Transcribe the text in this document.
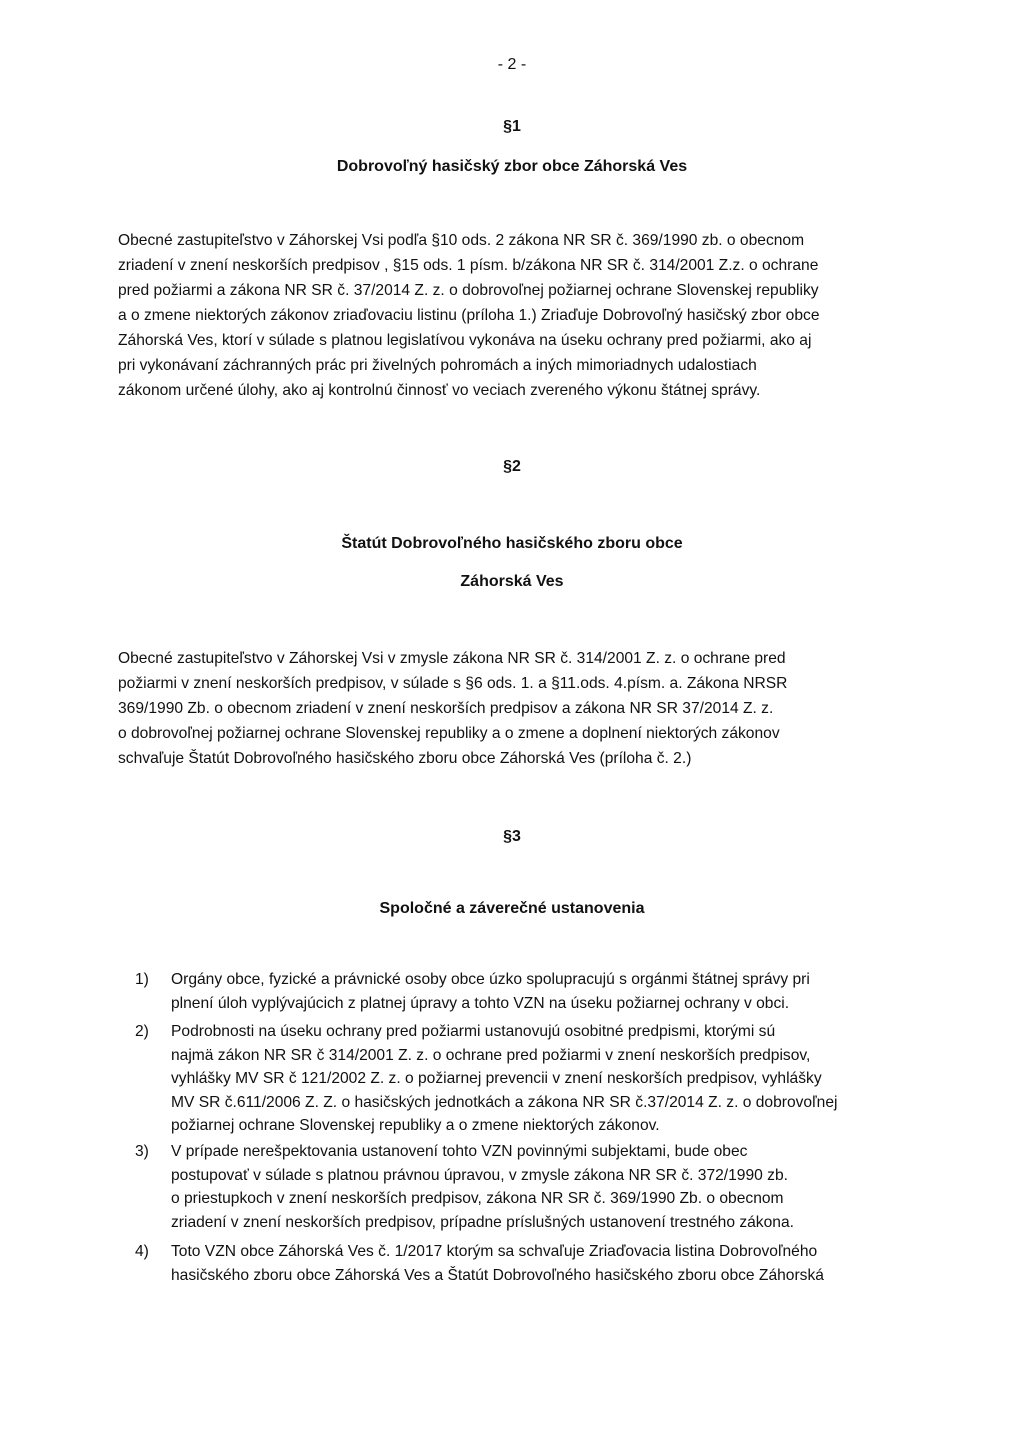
- 2 -
§1
Dobrovoľný hasičský zbor obce Záhorská Ves
Obecné zastupiteľstvo v Záhorskej Vsi podľa §10 ods. 2 zákona NR SR č. 369/1990 zb. o obecnom
zriadení v znení neskorších predpisov , §15 ods. 1 písm. b/zákona NR SR č. 314/2001 Z.z. o ochrane
pred požiarmi a zákona NR SR č. 37/2014 Z. z. o dobrovoľnej požiarnej ochrane Slovenskej republiky
a o zmene niektorých zákonov zriaďovaciu listinu (príloha 1.) Zriaďuje Dobrovoľný hasičský zbor obce
Záhorská Ves, ktorí v súlade s platnou legislatívou vykonáva na úseku ochrany pred požiarmi, ako aj
pri vykonávaní záchranných prác pri živelných pohromách a iných mimoriadnych udalostiach
zákonom určené úlohy, ako aj kontrolnú činnosť vo veciach zvereného výkonu štátnej správy.
§2
Štatút Dobrovoľného hasičského zboru obce
Záhorská Ves
Obecné zastupiteľstvo v Záhorskej Vsi v zmysle zákona NR SR č. 314/2001 Z. z. o ochrane pred
požiarmi v znení neskorších predpisov, v súlade s §6 ods. 1. a §11.ods. 4.písm. a. Zákona NRSR
369/1990 Zb. o obecnom zriadení v znení neskorších predpisov a zákona NR SR 37/2014 Z. z.
o dobrovoľnej požiarnej ochrane Slovenskej republiky a o zmene a doplnení niektorých zákonov
schvaľuje Štatút Dobrovoľného hasičského zboru obce Záhorská Ves (príloha č. 2.)
§3
Spoločné a záverečné ustanovenia
1)	Orgány obce, fyzické a právnické osoby obce úzko spolupracujú s orgánmi štátnej správy pri
plnení úloh vyplývajúcich z platnej úpravy a tohto VZN na úseku požiarnej ochrany v obci.
2)	Podrobnosti na úseku ochrany pred požiarmi ustanovujú osobitné predpismi, ktorými sú
najmä zákon NR SR č 314/2001 Z. z. o ochrane pred požiarmi v znení neskorších predpisov,
vyhlášky MV SR č 121/2002 Z. z. o požiarnej prevencii v znení neskorších predpisov, vyhlášky
MV SR č.611/2006 Z. Z. o hasičských jednotkách a zákona NR SR č.37/2014 Z. z. o dobrovoľnej
požiarnej ochrane Slovenskej republiky a o zmene niektorých zákonov.
3)	V prípade nerešpektovania ustanovení tohto VZN povinnými subjektami, bude obec
postupovať v súlade s platnou právnou úpravou, v zmysle zákona NR SR č. 372/1990 zb.
o priestupkoch v znení neskorších predpisov, zákona NR SR č. 369/1990 Zb. o obecnom
zriadení v znení neskorších predpisov, prípadne príslušných ustanovení trestného zákona.
4)	Toto VZN obce Záhorská Ves č. 1/2017 ktorým sa schvaľuje Zriaďovacia listina Dobrovoľného
hasičského zboru obce Záhorská Ves a Štatút Dobrovoľného hasičského zboru obce Záhorská
